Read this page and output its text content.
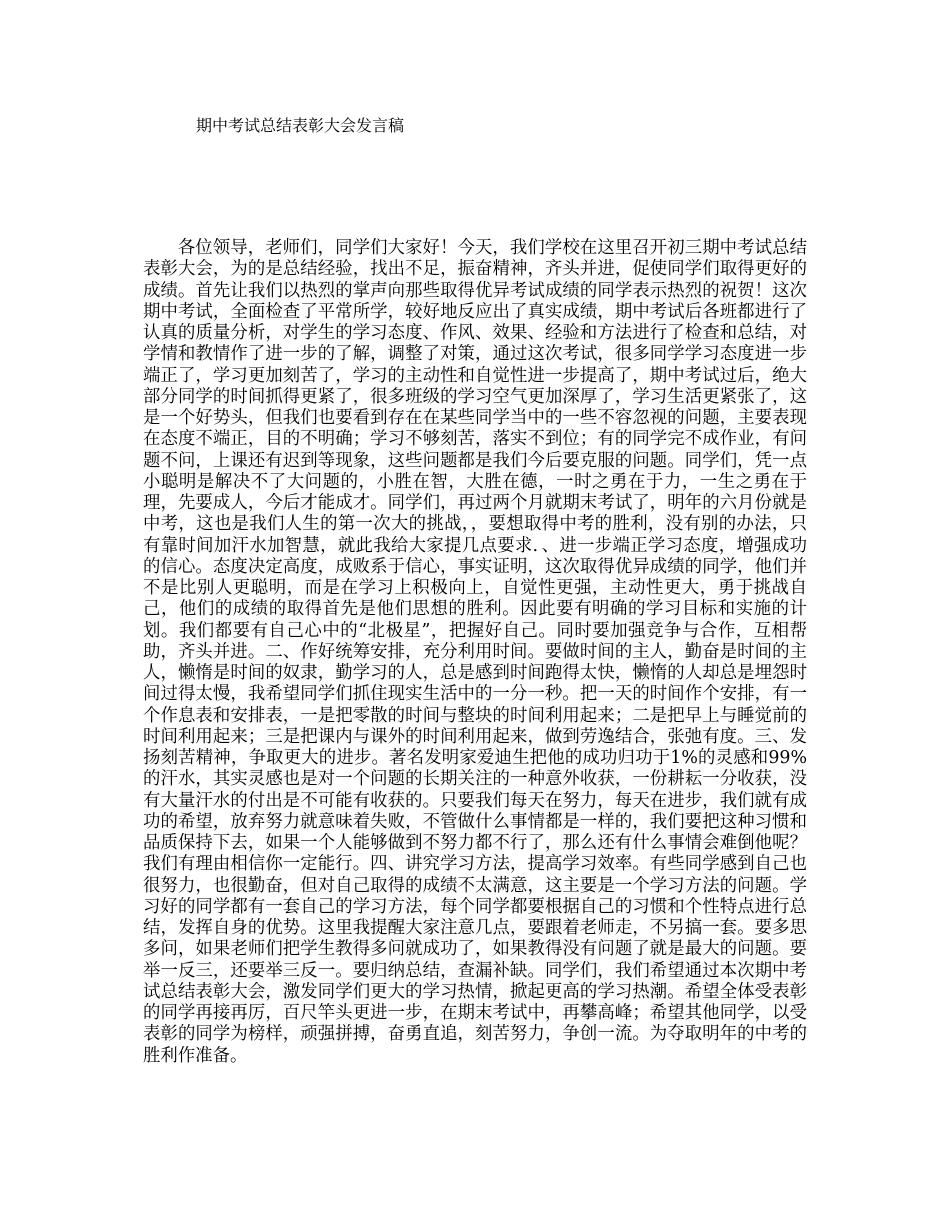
期中考试总结表彰大会发言稿

各位领导，老师们，同学们大家好！今天，我们学校在这里召开初三期中考试总结表彰大会，为的是总结经验，找出不足，振奋精神，齐头并进，促使同学们取得更好的成绩。首先让我们以热烈的掌声向那些取得优异考试成绩的同学表示热烈的祝贺！这次期中考试，全面检查了平常所学，较好地反应出了真实成绩，期中考试后各班都进行了认真的质量分析，对学生的学习态度、作风、效果、经验和方法进行了检查和总结，对学情和教情作了进一步的了解，调整了对策，通过这次考试，很多同学学习态度进一步端正了，学习更加刻苦了，学习的主动性和自觉性进一步提高了，期中考试过后，绝大部分同学的时间抓得更紧了，很多班级的学习空气更加深厚了，学习生活更紧张了，这是一个好势头，但我们也要看到存在在某些同学当中的一些不容忽视的问题，主要表现在态度不端正，目的不明确；学习不够刻苦，落实不到位；有的同学完不成作业，有问题不问，上课还有迟到等现象，这些问题都是我们今后要克服的问题。同学们，凭一点小聪明是解决不了大问题的，小胜在智，大胜在德，一时之勇在于力，一生之勇在于理，先要成人，今后才能成才。同学们，再过两个月就期末考试了，明年的六月份就是中考，这也是我们人生的第一次大的挑战，，要想取得中考的胜利，没有别的办法，只有靠时间加汗水加智慧，就此我给大家提几点要求．、进一步端正学习态度，增强成功的信心。态度决定高度，成败系于信心，事实证明，这次取得优异成绩的同学，他们并不是比别人更聪明，而是在学习上积极向上，自觉性更强，主动性更大，勇于挑战自己，他们的成绩的取得首先是他们思想的胜利。因此要有明确的学习目标和实施的计划。我们都要有自己心中的“北极星”，把握好自己。同时要加强竞争与合作，互相帮助，齐头并进。二、作好统筹安排，充分利用时间。要做时间的主人，勤奋是时间的主人，懒惰是时间的奴隶，勤学习的人，总是感到时间跑得太快，懒惰的人却总是埋怨时间过得太慢，我希望同学们抓住现实生活中的一分一秒。把一天的时间作个安排，有一个作息表和安排表，一是把零散的时间与整块的时间利用起来；二是把早上与睡觉前的时间利用起来；三是把课内与课外的时间利用起来，做到劳逸结合，张弛有度。三、发扬刻苦精神，争取更大的进步。著名发明家爱迪生把他的成功归功于1%的灵感和99%的汗水，其实灵感也是对一个问题的长期关注的一种意外收获，一份耕耘一分收获，没有大量汗水的付出是不可能有收获的。只要我们每天在努力，每天在进步，我们就有成功的希望，放弃努力就意味着失败，不管做什么事情都是一样的，我们要把这种习惯和品质保持下去，如果一个人能够做到不努力都不行了，那么还有什么事情会难倒他呢？我们有理由相信你一定能行。四、讲究学习方法，提高学习效率。有些同学感到自己也很努力，也很勤奋，但对自己取得的成绩不太满意，这主要是一个学习方法的问题。学习好的同学都有一套自己的学习方法，每个同学都要根据自己的习惯和个性特点进行总结，发挥自身的优势。这里我提醒大家注意几点，要跟着老师走，不另搞一套。要多思多问，如果老师们把学生教得多问就成功了，如果教得没有问题了就是最大的问题。要举一反三，还要举三反一。要归纳总结，查漏补缺。同学们，我们希望通过本次期中考试总结表彰大会，激发同学们更大的学习热情，掀起更高的学习热潮。希望全体受表彰的同学再接再厉，百尺竿头更进一步，在期末考试中，再攀高峰；希望其他同学，以受表彰的同学为榜样，顽强拼搏，奋勇直追，刻苦努力，争创一流。为夺取明年的中考的胜利作准备。
